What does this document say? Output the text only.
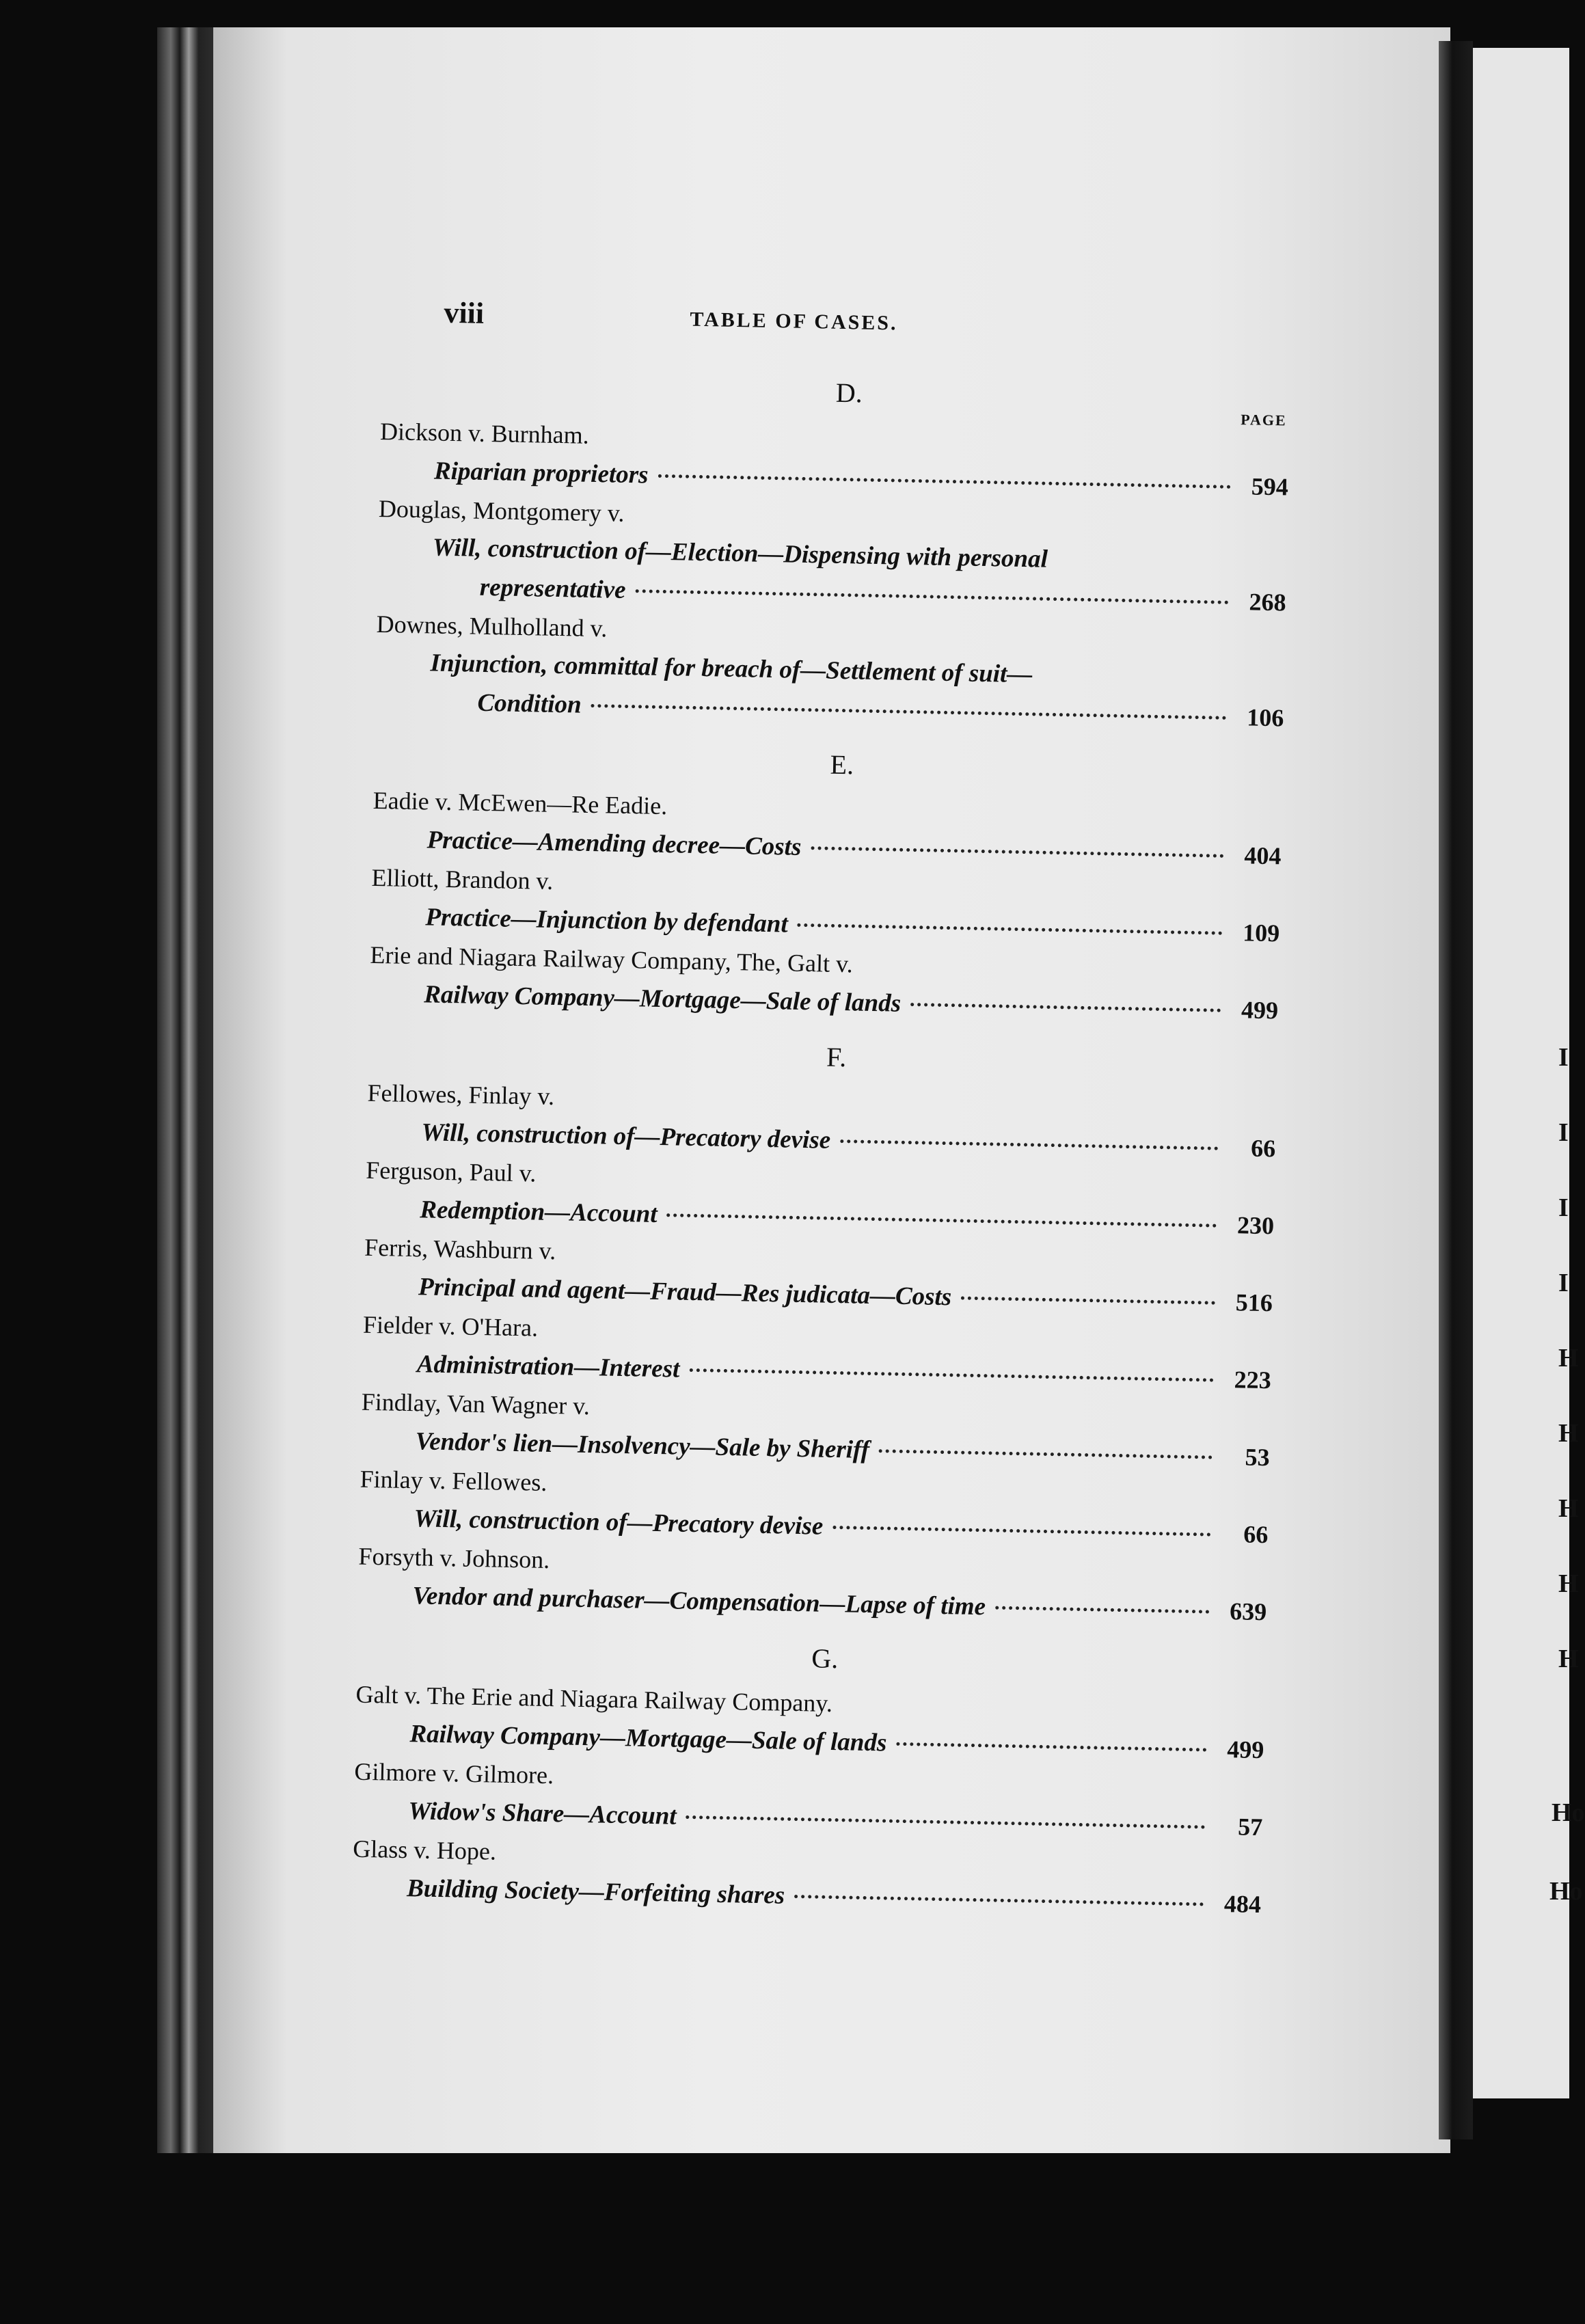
I
I
I
I
H
H
H
H
H
Ho
Ho
viii	TABLE OF CASES.
D.
PAGE

Dickson v. Burnham.

Riparian proprietors	594

Douglas, Montgomery v.

Will, construction of—Election—Dispensing with personal
representative	268

Downes, Mulholland v.

Injunction, committal for breach of—Settlement of suit—
Condition	106
E.

Eadie v. McEwen—Re Eadie.

Practice—Amending decree—Costs	404

Elliott, Brandon v.

Practice—Injunction by defendant	109

Erie and Niagara Railway Company, The, Galt v.

Railway Company—Mortgage—Sale of lands	499
F.

Fellowes, Finlay v.

Will, construction of—Precatory devise	66

Ferguson, Paul v.

Redemption—Account	230

Ferris, Washburn v.

Principal and agent—Fraud—Res judicata—Costs	516

Fielder v. O'Hara.

Administration—Interest	223

Findlay, Van Wagner v.

Vendor's lien—Insolvency—Sale by Sheriff	53

Finlay v. Fellowes.

Will, construction of—Precatory devise	66

Forsyth v. Johnson.

Vendor and purchaser—Compensation—Lapse of time	639
G.

Galt v. The Erie and Niagara Railway Company.

Railway Company—Mortgage—Sale of lands	499

Gilmore v. Gilmore.

Widow's Share—Account	57

Glass v. Hope.

Building Society—Forfeiting shares	484
